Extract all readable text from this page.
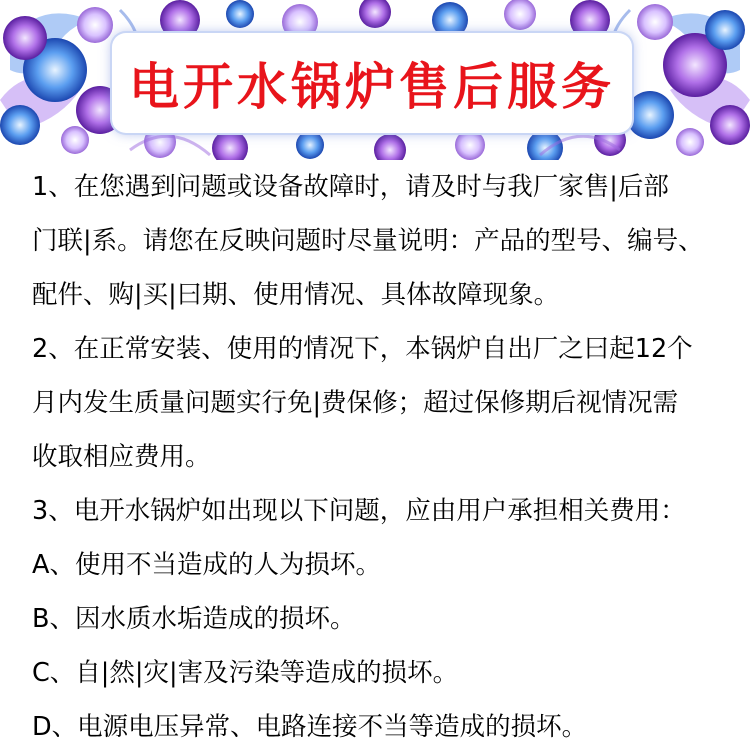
电开水锅炉售后服务
1、在您遇到问题或设备故障时，请及时与我厂家售|后部
门联|系。请您在反映问题时尽量说明：产品的型号、编号、
配件、购|买|曰期、使用情况、具体故障现象。
2、在正常安装、使用的情况下，本锅炉自出厂之曰起12个
月内发生质量问题实行免|费保修；超过保修期后视情况需
收取相应费用。
3、电开水锅炉如出现以下问题，应由用户承担相关费用：
A、使用不当造成的人为损坏。
B、因水质水垢造成的损坏。
C、自|然|灾|害及污染等造成的损坏。
D、电源电压异常、电路连接不当等造成的损坏。
